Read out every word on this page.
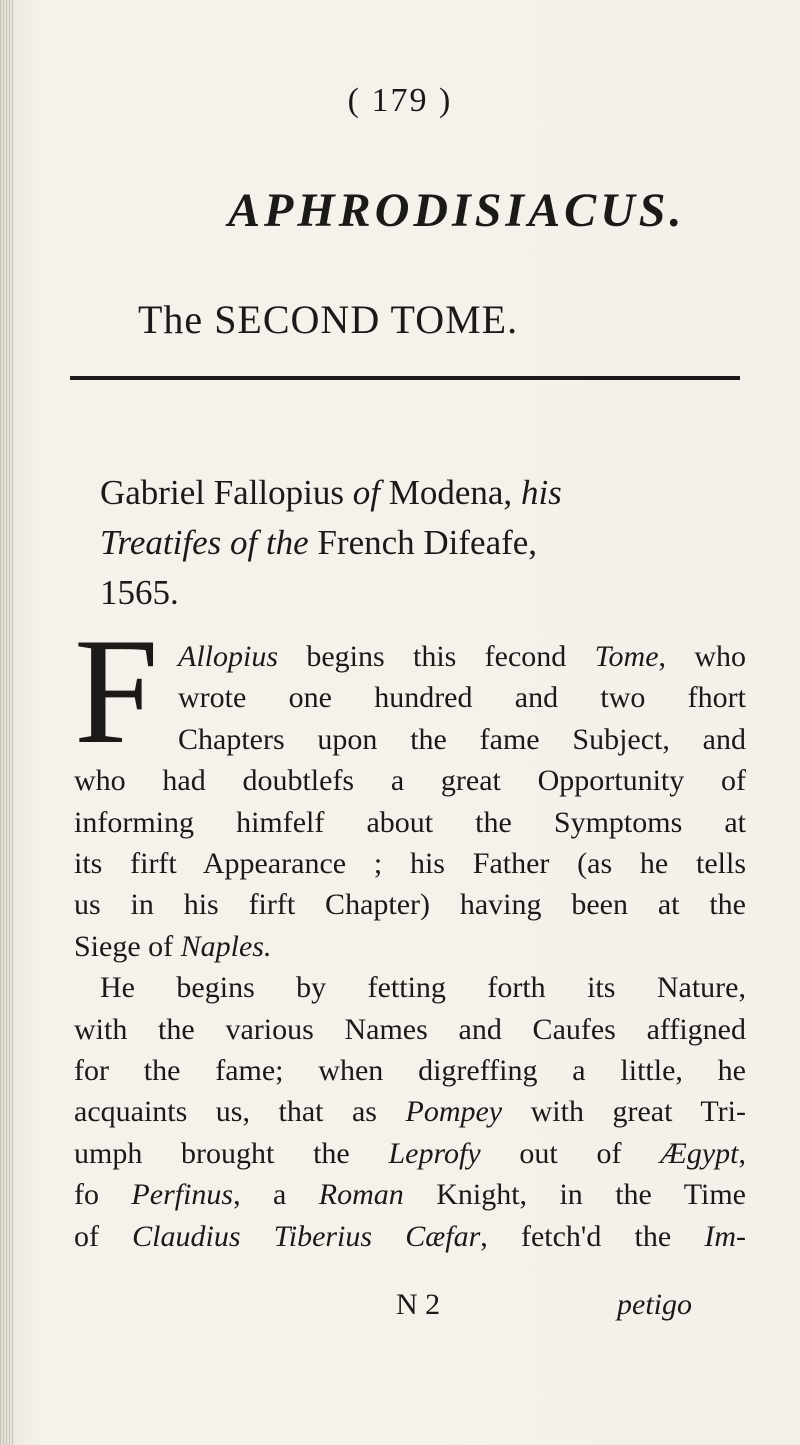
( 179 )
APHRODISIACUS.
The SECOND TOME.
Gabriel Fallopius of Modena, his
Treatifes of the French Difeafe,
1565.
F Allopius begins this fecond Tome, who
wrote one hundred and two fhort
Chapters upon the fame Subject, and
who had doubtlefs a great Opportunity of
informing himfelf about the Symptoms at
its firft Appearance ; his Father (as he tells
us in his firft Chapter) having been at the
Siege of Naples.
He begins by fetting forth its Nature,
with the various Names and Caufes affigned
for the fame; when digreffing a little, he
acquaints us, that as Pompey with great Tri-
umph brought the Leprofy out of Ægypt,
fo Perfinus, a Roman Knight, in the Time
of Claudius Tiberius Cæfar, fetch'd the Im-
N 2	petigo
